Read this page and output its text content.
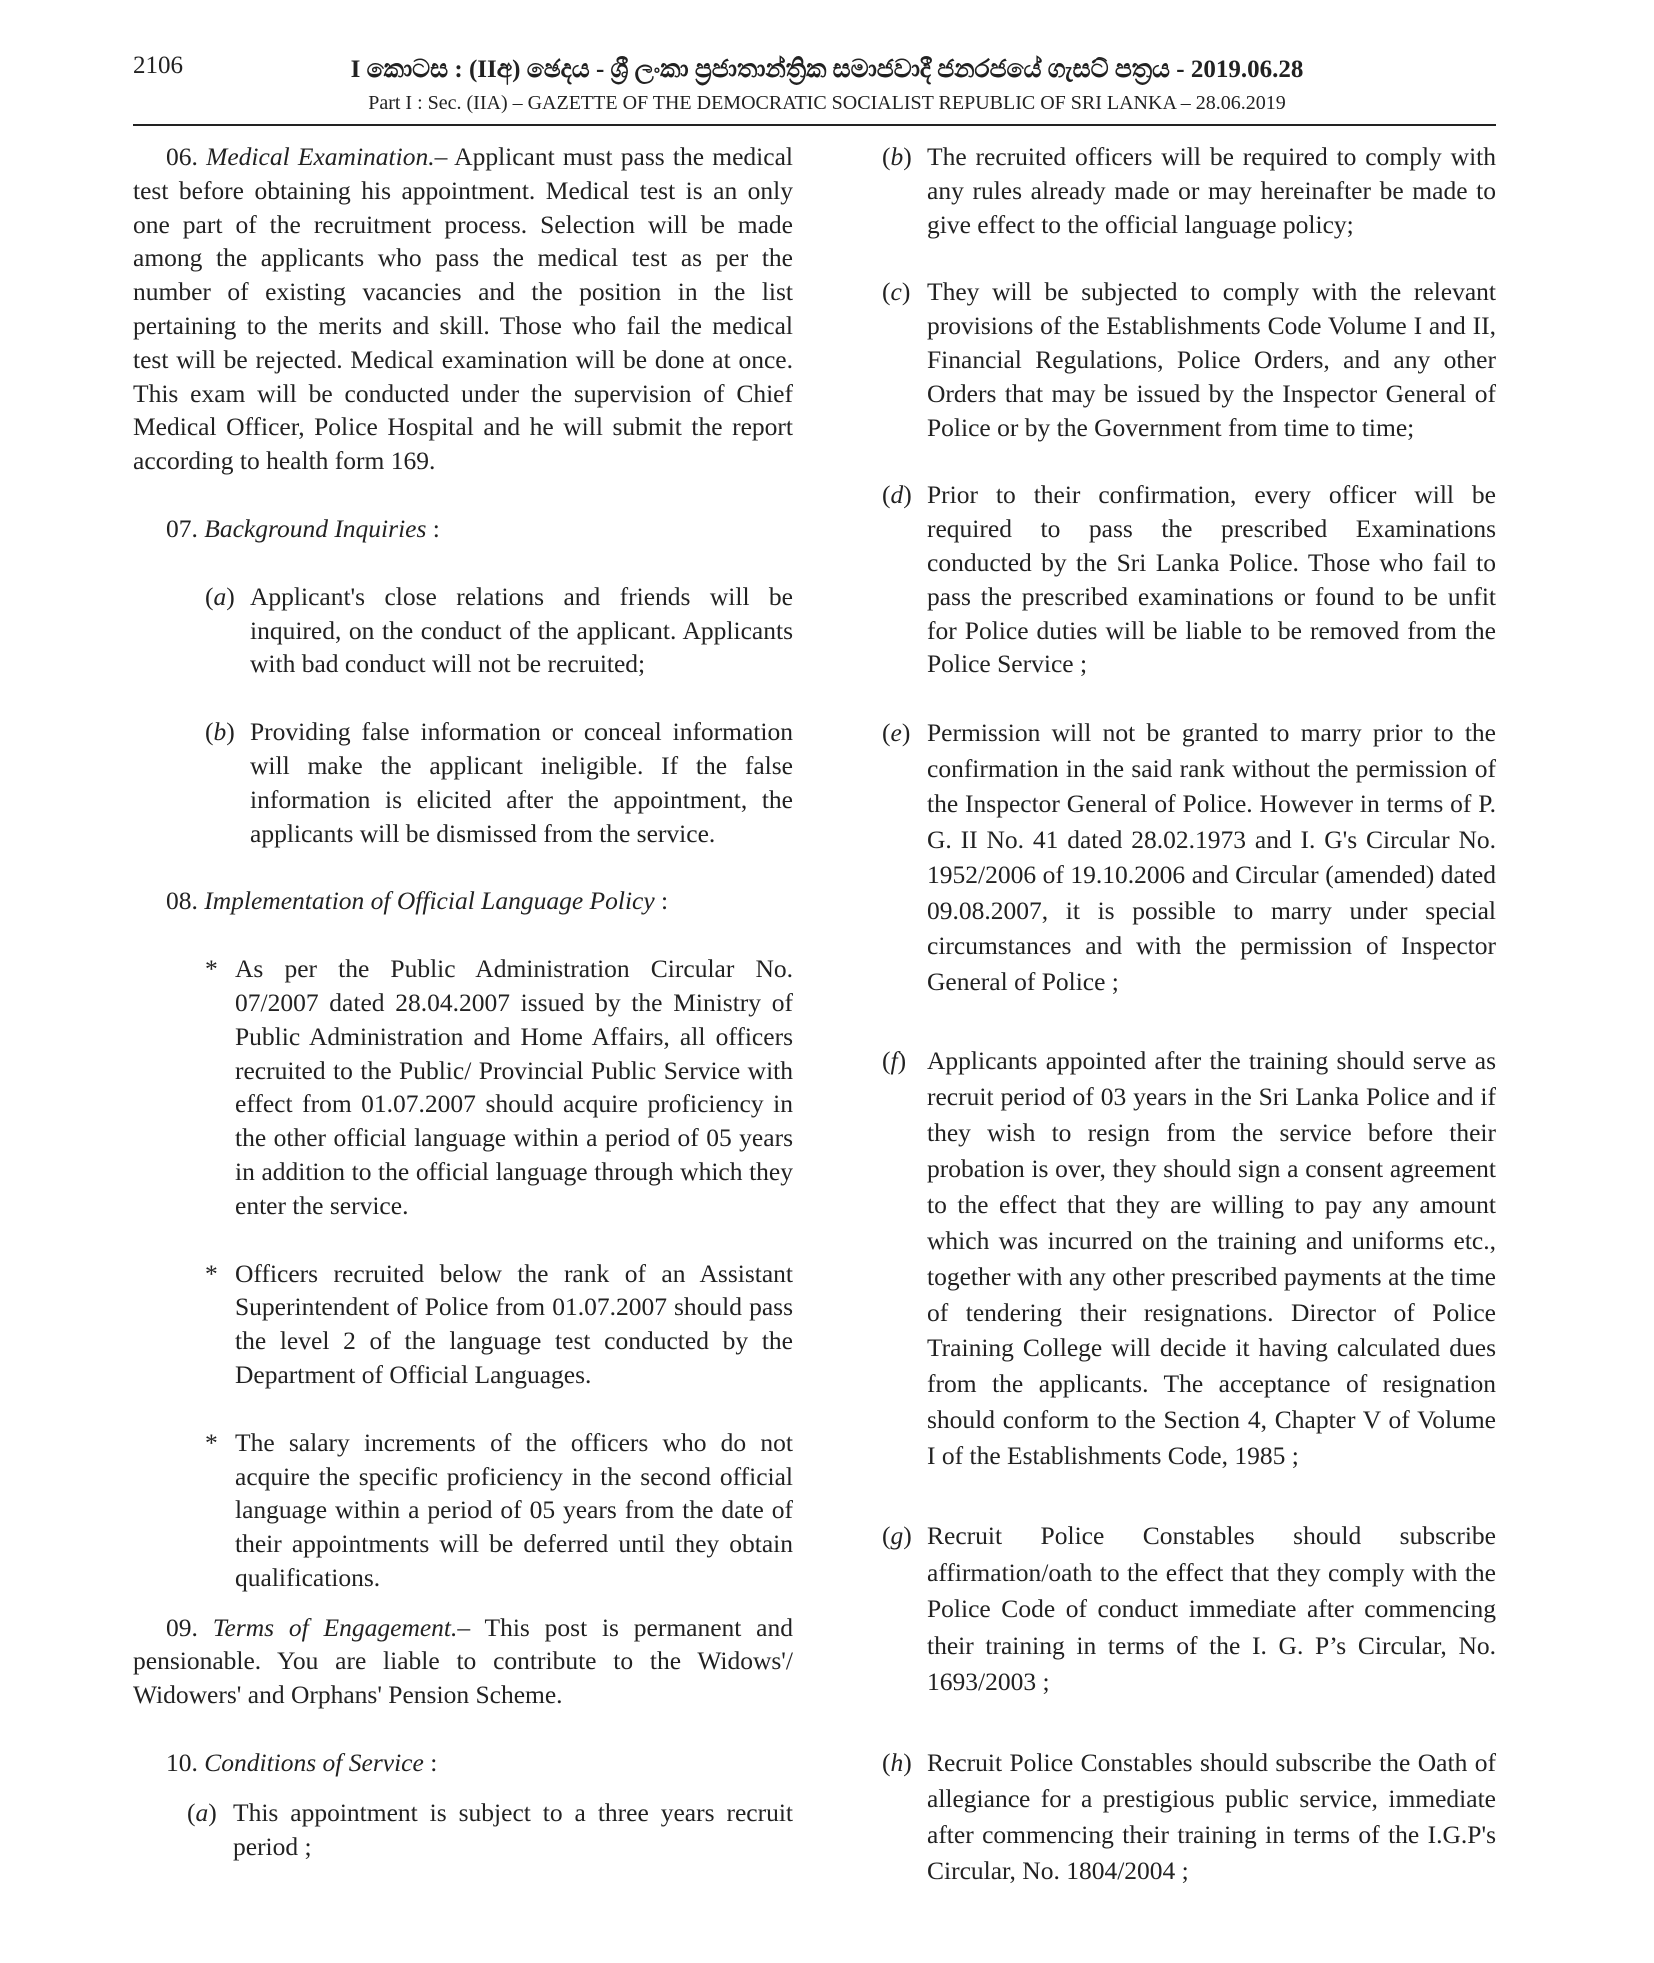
2106	I කොටස : (IIඅ) ඡෙදය - ශ්‍රී ලංකා ප්‍රජාතාන්ත්‍රික සමාජවාදී ජනරජයේ ගැසට් පත්‍රය - 2019.06.28
Part I : Sec. (IIA) – GAZETTE OF THE DEMOCRATIC SOCIALIST REPUBLIC OF SRI LANKA – 28.06.2019

06. Medical Examination.– Applicant must pass the medical test before obtaining his appointment. Medical test is an only one part of the recruitment process. Selection will be made among the applicants who pass the medical test as per the number of existing vacancies and the position in the list pertaining to the merits and skill. Those who fail the medical test will be rejected. Medical examination will be done at once. This exam will be conducted under the supervision of Chief Medical Officer, Police Hospital and he will submit the report according to health form 169.

07. Background Inquiries :

(a) Applicant's close relations and friends will be inquired, on the conduct of the applicant. Applicants with bad conduct will not be recruited;

(b) Providing false information or conceal information will make the applicant ineligible. If the false information is elicited after the appointment, the applicants will be dismissed from the service.

08. Implementation of Official Language Policy :

* As per the Public Administration Circular No. 07/2007 dated 28.04.2007 issued by the Ministry of Public Administration and Home Affairs, all officers recruited to the Public/ Provincial Public Service with effect from 01.07.2007 should acquire proficiency in the other official language within a period of 05 years in addition to the official language through which they enter the service.

* Officers recruited below the rank of an Assistant Superintendent of Police from 01.07.2007 should pass the level 2 of the language test conducted by the Department of Official Languages.

* The salary increments of the officers who do not acquire the specific proficiency in the second official language within a period of 05 years from the date of their appointments will be deferred until they obtain qualifications.

09. Terms of Engagement.– This post is permanent and pensionable. You are liable to contribute to the Widows'/ Widowers' and Orphans' Pension Scheme.

10. Conditions of Service :

(a) This appointment is subject to a three years recruit period ;

(b) The recruited officers will be required to comply with any rules already made or may hereinafter be made to give effect to the official language policy;

(c) They will be subjected to comply with the relevant provisions of the Establishments Code Volume I and II, Financial Regulations, Police Orders, and any other Orders that may be issued by the Inspector General of Police or by the Government from time to time;

(d) Prior to their confirmation, every officer will be required to pass the prescribed Examinations conducted by the Sri Lanka Police. Those who fail to pass the prescribed examinations or found to be unfit for Police duties will be liable to be removed from the Police Service ;

(e) Permission will not be granted to marry prior to the confirmation in the said rank without the permission of the Inspector General of Police. However in terms of P. G. II No. 41 dated 28.02.1973 and I. G's Circular No. 1952/2006 of 19.10.2006 and Circular (amended) dated 09.08.2007, it is possible to marry under special circumstances and with the permission of Inspector General of Police ;

(f) Applicants appointed after the training should serve as recruit period of 03 years in the Sri Lanka Police and if they wish to resign from the service before their probation is over, they should sign a consent agreement to the effect that they are willing to pay any amount which was incurred on the training and uniforms etc., together with any other prescribed payments at the time of tendering their resignations. Director of Police Training College will decide it having calculated dues from the applicants. The acceptance of resignation should conform to the Section 4, Chapter V of Volume I of the Establishments Code, 1985 ;

(g) Recruit Police Constables should subscribe affirmation/oath to the effect that they comply with the Police Code of conduct immediate after commencing their training in terms of the I. G. P’s Circular, No. 1693/2003 ;

(h) Recruit Police Constables should subscribe the Oath of allegiance for a prestigious public service, immediate after commencing their training in terms of the I.G.P's Circular, No. 1804/2004 ;
